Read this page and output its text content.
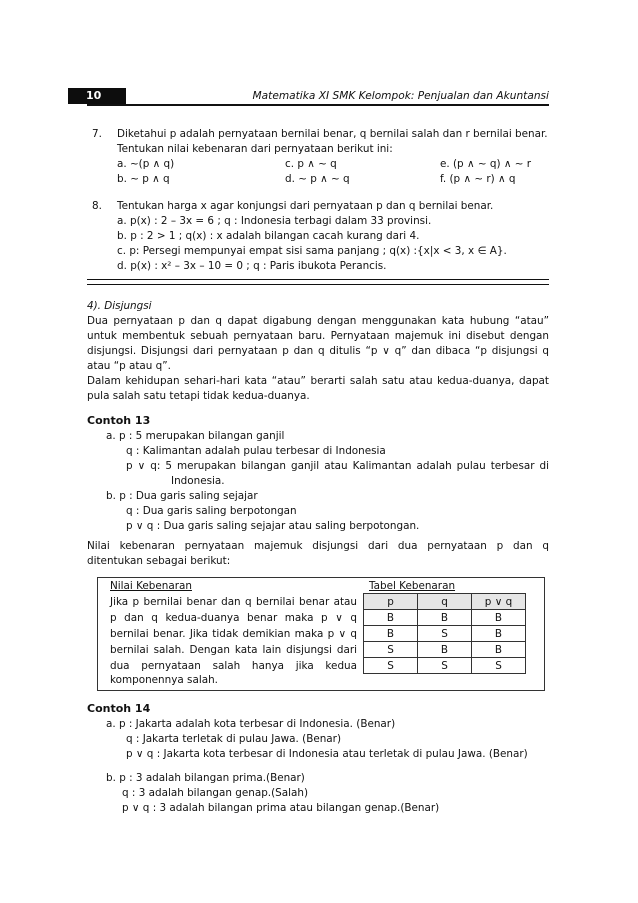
10	Matematika XI SMK Kelompok: Penjualan dan Akuntansi
7. Diketahui p adalah pernyataan bernilai benar, q bernilai salah dan r bernilai benar.
Tentukan nilai kebenaran dari pernyataan berikut ini:
a. ~(p ∧ q)	c. p ∧ ~ q	e. (p ∧ ~ q) ∧ ~ r
b. ~ p ∧ q	d. ~ p ∧ ~ q	f. (p ∧ ~ r) ∧ q
8. Tentukan harga x agar konjungsi dari pernyataan p dan q bernilai benar.
a. p(x) : 2 – 3x = 6 ; q : Indonesia terbagi dalam 33 provinsi.
b. p : 2 > 1 ; q(x) : x adalah bilangan cacah kurang dari 4.
c. p: Persegi mempunyai empat sisi sama panjang ; q(x) :{x|x < 3, x ∈ A}.
d. p(x) : x² – 3x – 10 = 0 ; q : Paris ibukota Perancis.
4). Disjungsi
Dua pernyataan p dan q dapat digabung dengan menggunakan kata hubung “atau”
untuk membentuk sebuah pernyataan baru. Pernyataan majemuk ini disebut dengan
disjungsi. Disjungsi dari pernyataan p dan q ditulis “p ∨ q” dan dibaca “p disjungsi q
atau “p atau q”.
Dalam kehidupan sehari-hari kata “atau” berarti salah satu atau kedua-duanya, dapat
pula salah satu tetapi tidak kedua-duanya.
Contoh 13
a. p : 5 merupakan bilangan ganjil
q : Kalimantan adalah pulau terbesar di Indonesia
p ∨ q: 5 merupakan bilangan ganjil atau Kalimantan adalah pulau terbesar di
Indonesia.
b. p : Dua garis saling sejajar
q : Dua garis saling berpotongan
p ∨ q : Dua garis saling sejajar atau saling berpotongan.
Nilai kebenaran pernyataan majemuk disjungsi dari dua pernyataan p dan q
ditentukan sebagai berikut:
Nilai Kebenaran
Jika p bernilai benar dan q bernilai benar atau
p dan q kedua-duanya benar maka p ∨ q
bernilai benar. Jika tidak demikian maka p ∨ q
bernilai salah. Dengan kata lain disjungsi dari
dua pernyataan salah hanya jika kedua
komponennya salah.
Tabel Kebenaran
p	q	p ∨ q
B	B	B
B	S	B
S	B	B
S	S	S
Contoh 14
a. p : Jakarta adalah kota terbesar di Indonesia. (Benar)
q : Jakarta terletak di pulau Jawa. (Benar)
p ∨ q : Jakarta kota terbesar di Indonesia atau terletak di pulau Jawa. (Benar)
b. p : 3 adalah bilangan prima.(Benar)
q : 3 adalah bilangan genap.(Salah)
p ∨ q : 3 adalah bilangan prima atau bilangan genap.(Benar)
